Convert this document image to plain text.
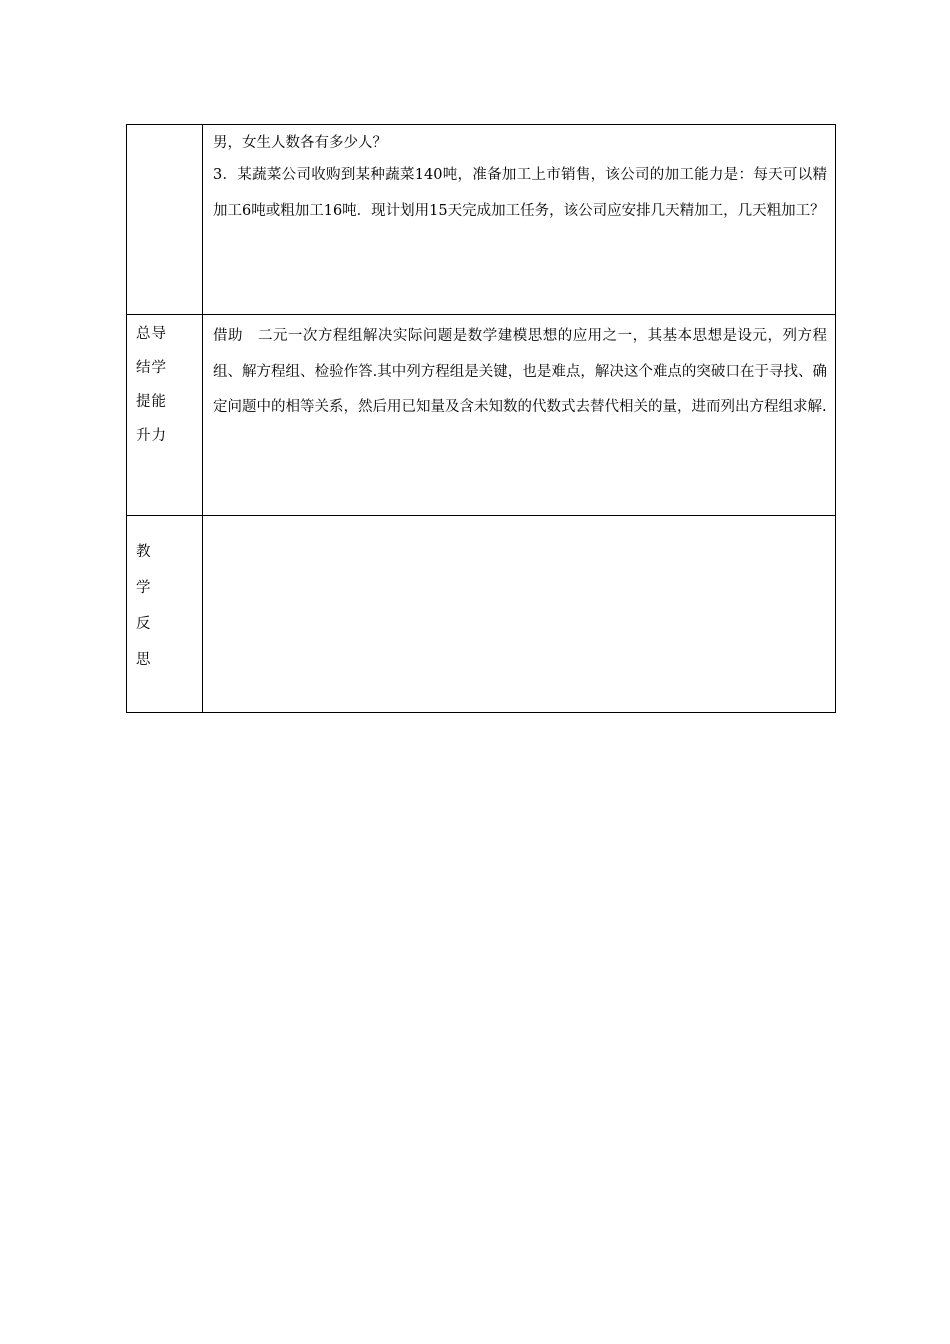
	男，女生人数各有多少人？

3．某蔬菜公司收购到某种蔬菜140吨，准备加工上市销售，该公司的加工能力是：每天可以精加工6吨或粗加工16吨．现计划用15天完成加工任务，该公司应安排几天精加工，几天粗加工？

总导
结学
提能
升力	借助　二元一次方程组解决实际问题是数学建模思想的应用之一，其基本思想是设元，列方程组、解方程组、检验作答.其中列方程组是关键，也是难点，解决这个难点的突破口在于寻找、确定问题中的相等关系，然后用已知量及含未知数的代数式去替代相关的量，进而列出方程组求解.

教
学
反
思	
